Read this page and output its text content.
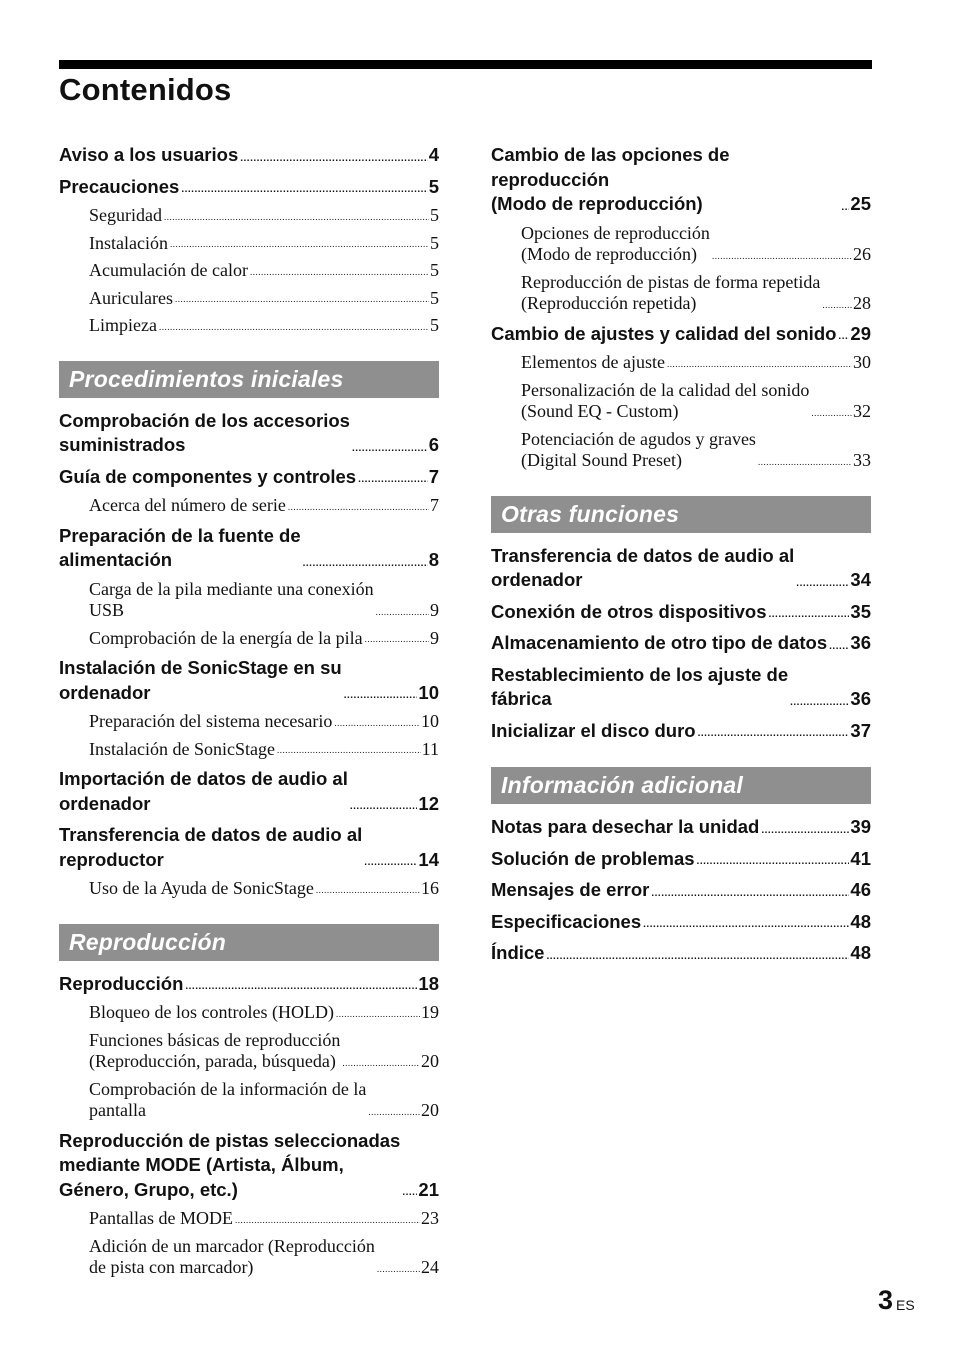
Contenidos
Aviso a los usuarios .....	4
Precauciones .....	5
Seguridad .....	5
Instalación .....	5
Acumulación de calor .....	5
Auriculares .....	5
Limpieza .....	5
Procedimientos iniciales
Comprobación de los accesorios
suministrados .....	6
Guía de componentes y controles .....	7
Acerca del número de serie .....	7
Preparación de la fuente de
alimentación .....	8
Carga de la pila mediante una conexión
USB .....	9
Comprobación de la energía de la pila .....	9
Instalación de SonicStage en su
ordenador .....	10
Preparación del sistema necesario .....	10
Instalación de SonicStage .....	11
Importación de datos de audio al
ordenador .....	12
Transferencia de datos de audio al
reproductor .....	14
Uso de la Ayuda de SonicStage .....	16
Reproducción
Reproducción .....	18
Bloqueo de los controles (HOLD) .....	19
Funciones básicas de reproducción
(Reproducción, parada, búsqueda) .....	20
Comprobación de la información de la
pantalla .....	20
Reproducción de pistas seleccionadas
mediante MODE (Artista, Álbum,
Género, Grupo, etc.) .....	21
Pantallas de MODE .....	23
Adición de un marcador (Reproducción
de pista con marcador) .....	24
Cambio de las opciones de reproducción
(Modo de reproducción) .....	25
Opciones de reproducción
(Modo de reproducción) .....	26
Reproducción de pistas de forma repetida
(Reproducción repetida) .....	28
Cambio de ajustes y calidad del sonido ..... 29
Elementos de ajuste .....	30
Personalización de la calidad del sonido
(Sound EQ - Custom) .....	32
Potenciación de agudos y graves
(Digital Sound Preset) .....	33
Otras funciones
Transferencia de datos de audio al
ordenador .....	34
Conexión de otros dispositivos .....	35
Almacenamiento de otro tipo de datos ..... 36
Restablecimiento de los ajuste de
fábrica .....	36
Inicializar el disco duro .....	37
Información adicional
Notas para desechar la unidad .....	39
Solución de problemas .....	41
Mensajes de error .....	46
Especificaciones .....	48
Índice .....	48
3 ES
